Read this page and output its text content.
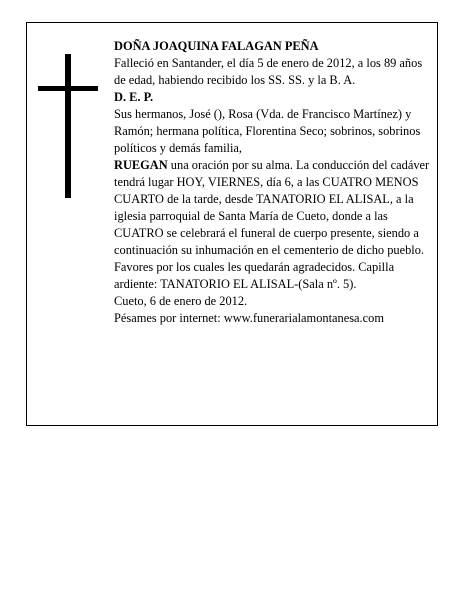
DOÑA JOAQUINA FALAGAN PEÑA

Falleció en Santander, el día 5 de enero de 2012, a los 89 años de edad, habiendo recibido los SS. SS. y la B. A.

D. E. P.

Sus hermanos, José (), Rosa (Vda. de Francisco Martínez) y Ramón; hermana política, Florentina Seco; sobrinos, sobrinos políticos y demás familia,

RUEGAN una oración por su alma. La conducción del cadáver tendrá lugar HOY, VIERNES, día 6, a las CUATRO MENOS CUARTO de la tarde, desde TANATORIO EL ALISAL, a la iglesia parroquial de Santa María de Cueto, donde a las CUATRO se celebrará el funeral de cuerpo presente, siendo a continuación su inhumación en el cementerio de dicho pueblo. Favores por los cuales les quedarán agradecidos. Capilla ardiente: TANATORIO EL ALISAL-(Sala nº. 5).

Cueto, 6 de enero de 2012.

Pésames por internet: www.funerarialamontanesa.com
